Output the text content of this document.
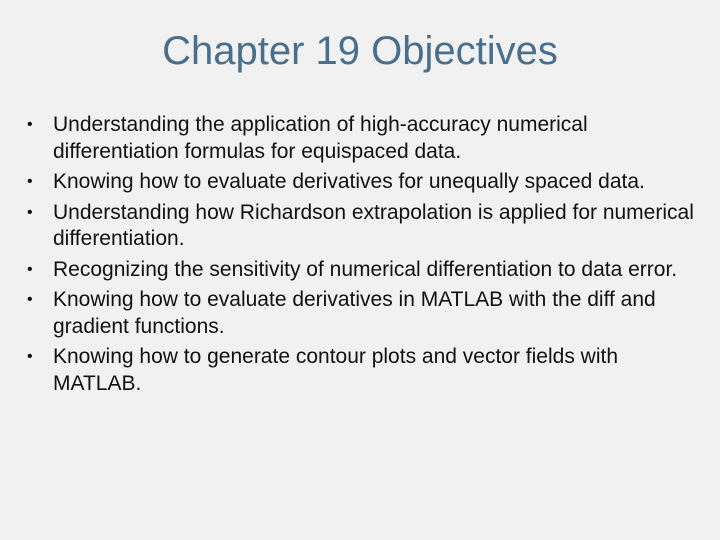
Chapter 19 Objectives
• Understanding the application of high-accuracy numerical differentiation formulas for equispaced data.
• Knowing how to evaluate derivatives for unequally spaced data.
• Understanding how Richardson extrapolation is applied for numerical differentiation.
• Recognizing the sensitivity of numerical differentiation to data error.
• Knowing how to evaluate derivatives in MATLAB with the diff and gradient functions.
• Knowing how to generate contour plots and vector fields with MATLAB.
